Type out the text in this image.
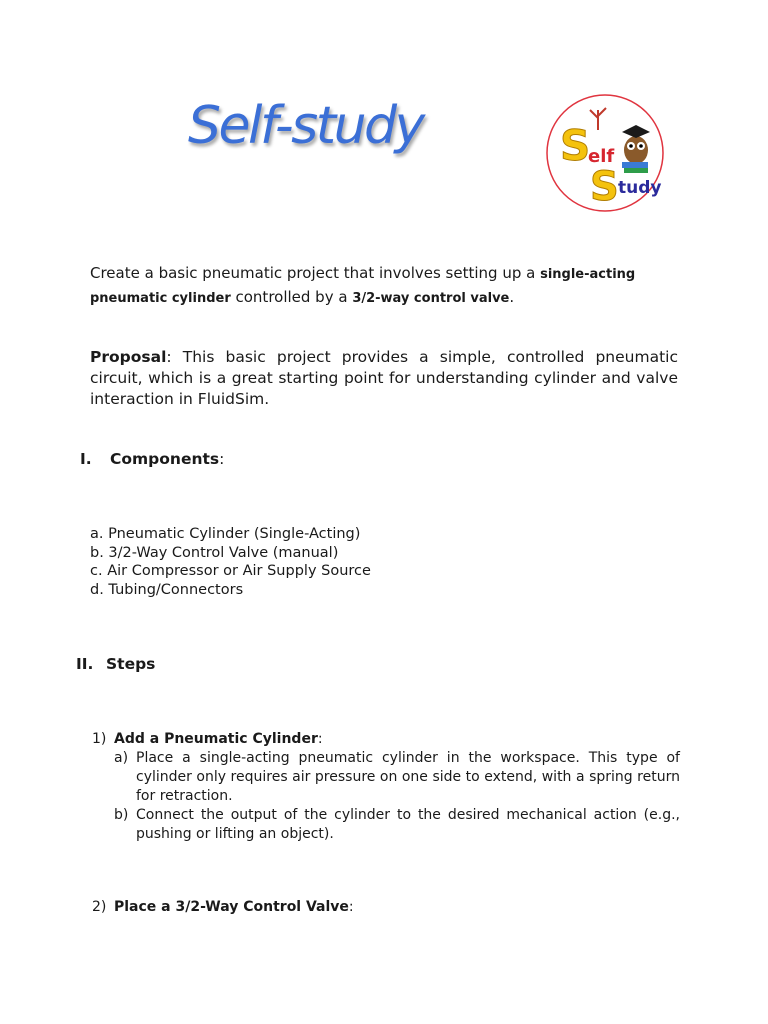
Self-study	S
S
elf
tudy
Create a basic pneumatic project that involves setting up a single-acting pneumatic cylinder controlled by a 3/2-way control valve.
Proposal: This basic project provides a simple, controlled pneumatic circuit, which is a great starting point for understanding cylinder and valve interaction in FluidSim.
I. Components:
a. Pneumatic Cylinder (Single-Acting)
b. 3/2-Way Control Valve (manual)
c. Air Compressor or Air Supply Source
d. Tubing/Connectors
II. Steps
1) Add a Pneumatic Cylinder:
a) Place a single-acting pneumatic cylinder in the workspace. This type of cylinder only requires air pressure on one side to extend, with a spring return for retraction.
b) Connect the output of the cylinder to the desired mechanical action (e.g., pushing or lifting an object).
2) Place a 3/2-Way Control Valve:
